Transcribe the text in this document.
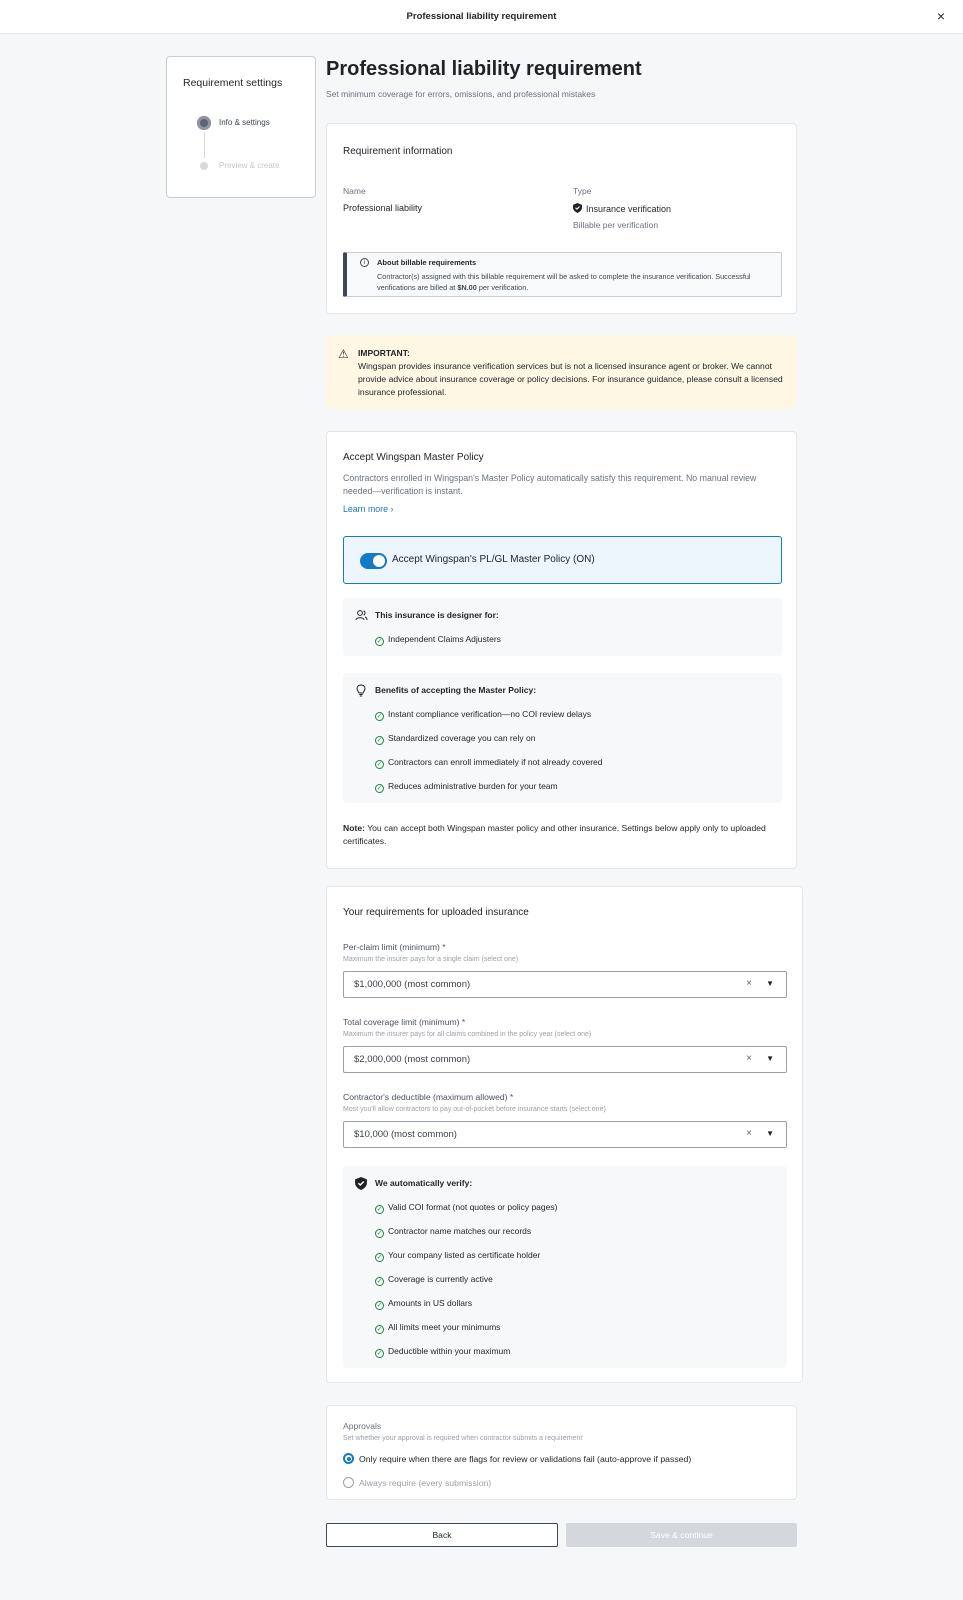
Professional liability requirement	×
Requirement settings
Info & settings
Preview & create
Professional liability requirement
Set minimum coverage for errors, omissions, and professional mistakes
Requirement information
Name
Professional liability
Type
Insurance verification
Billable per verification
i	About billable requirements
Contractor(s) assigned with this billable requirement will be asked to complete the insurance verification. Successful verifications are billed at $N.00 per verification.
⚠ IMPORTANT:
Wingspan provides insurance verification services but is not a licensed insurance agent or broker. We cannot provide advice about insurance coverage or policy decisions. For insurance guidance, please consult a licensed insurance professional.
Accept Wingspan Master Policy
Contractors enrolled in Wingspan's Master Policy automatically satisfy this requirement. No manual review needed—verification is instant.
Learn more ›
Accept Wingspan's PL/GL Master Policy (ON)
This insurance is designer for:
✓ Independent Claims Adjusters
Benefits of accepting the Master Policy:
✓ Instant compliance verification—no COI review delays
✓ Standardized coverage you can rely on
✓ Contractors can enroll immediately if not already covered
✓ Reduces administrative burden for your team
Note: You can accept both Wingspan master policy and other insurance. Settings below apply only to uploaded certificates.
Your requirements for uploaded insurance
Per-claim limit (minimum) *
Maximum the insurer pays for a single claim (select one)
$1,000,000 (most common)	× ▼
Total coverage limit (minimum) *
Maximum the insurer pays for all claims combined in the policy year (select one)
$2,000,000 (most common)	× ▼
Contractor's deductible (maximum allowed) *
Most you'll allow contractors to pay out-of-pocket before insurance starts (select one)
$10,000 (most common)	× ▼
We automatically verify:
✓ Valid COI format (not quotes or policy pages)
✓ Contractor name matches our records
✓ Your company listed as certificate holder
✓ Coverage is currently active
✓ Amounts in US dollars
✓ All limits meet your minimums
✓ Deductible within your maximum
Approvals
Set whether your approval is required when contractor submits a requirement
Only require when there are flags for review or validations fail (auto-approve if passed)
Always require (every submission)
Back	Save & continue
